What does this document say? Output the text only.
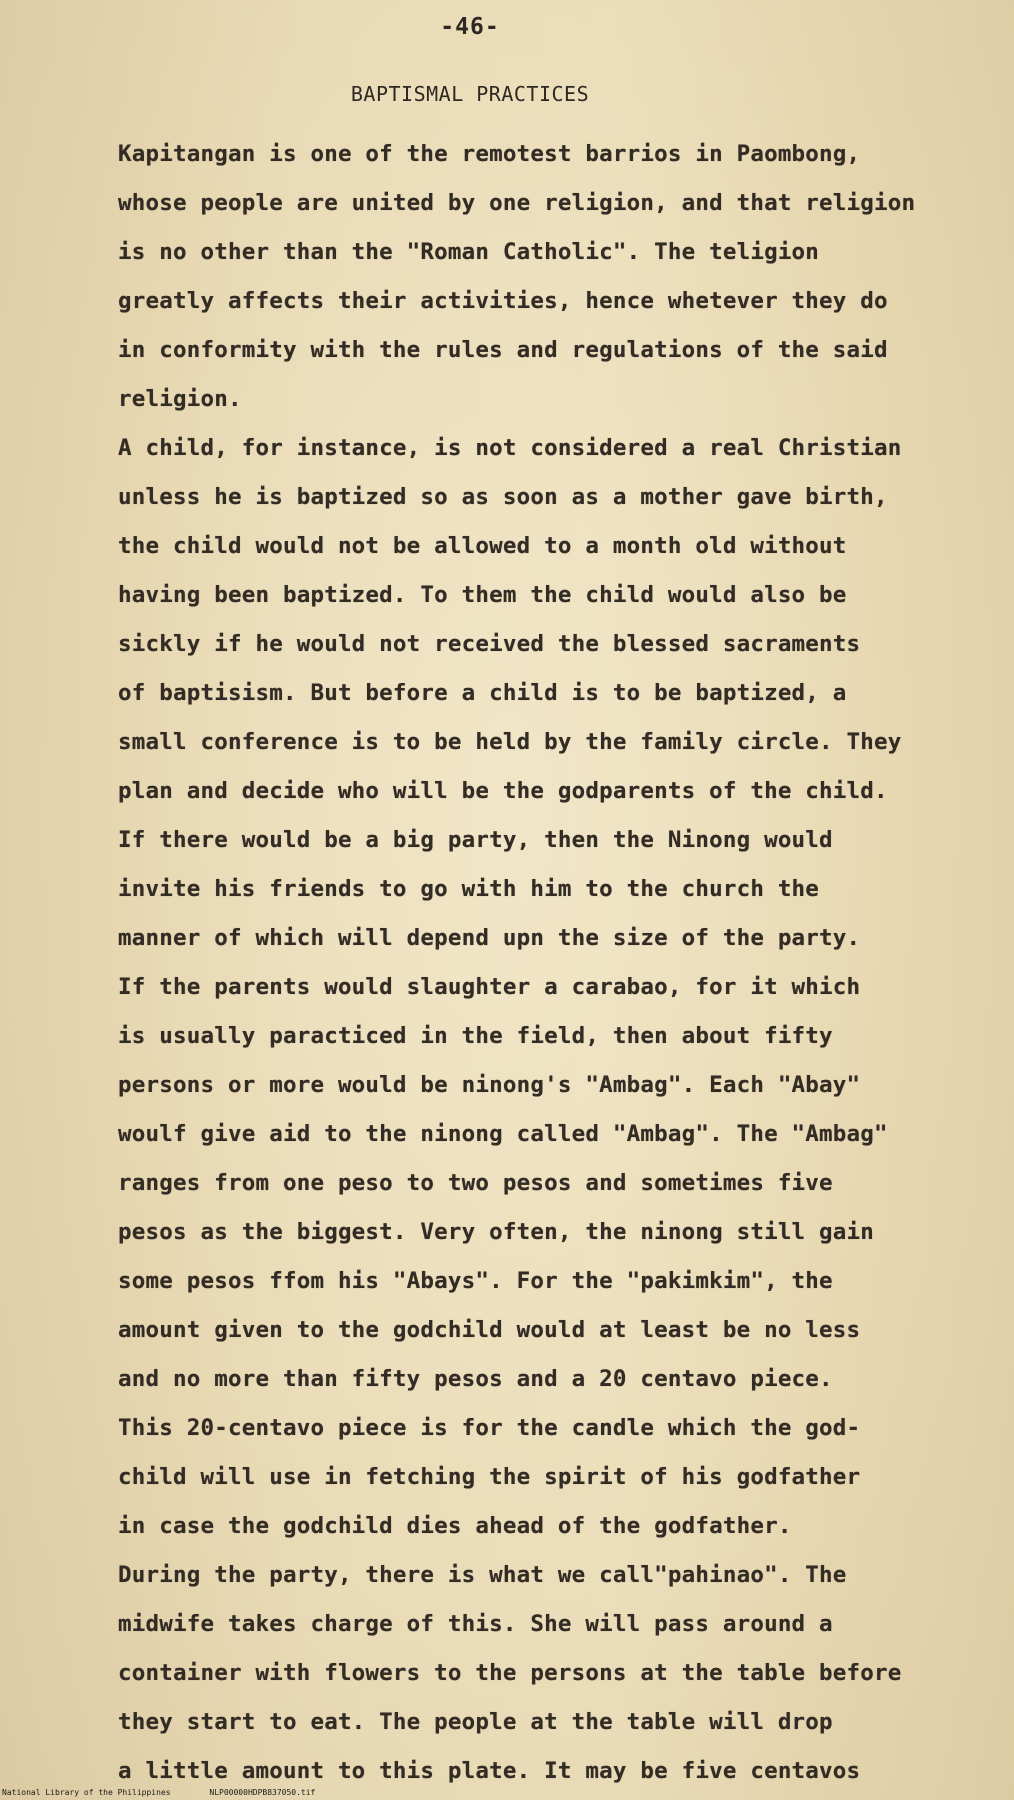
-46-
BAPTISMAL PRACTICES
Kapitangan is one of the remotest barrios in Paombong,
whose people are united by one religion, and that religion
is no other than the "Roman Catholic". The teligion
greatly affects their activities, hence whetever they do
in conformity with the rules and regulations of the said
religion.
A child, for instance, is not considered a real Christian
unless he is baptized so as soon as a mother gave birth,
the child would not be allowed to a month old without
having been baptized. To them the child would also be
sickly if he would not received the blessed sacraments
of baptisism. But before a child is to be baptized, a
small conference is to be held by the family circle. They
plan and decide who will be the godparents of the child.
If there would be a big party, then the Ninong would
invite his friends to go with him to the church the
manner of which will depend upn the size of the party.
If the parents would slaughter a carabao, for it which
is usually paracticed in the field, then about fifty
persons or more would be ninong's "Ambag". Each "Abay"
woulf give aid to the ninong called "Ambag". The "Ambag"
ranges from one peso to two pesos and sometimes five
pesos as the biggest. Very often, the ninong still gain
some pesos ffom his "Abays". For the "pakimkim", the
amount given to the godchild would at least be no less
and no more than fifty pesos and a 20 centavo piece.
This 20-centavo piece is for the candle which the god-
child will use in fetching the spirit of his godfather
in case the godchild dies ahead of the godfather.
During the party, there is what we call"pahinao". The
midwife takes charge of this. She will pass around a
container with flowers to the persons at the table before
they start to eat. The people at the table will drop
a little amount to this plate. It may be five centavos
National Library of the Philippines	NLP00000HDPB837050.tif
